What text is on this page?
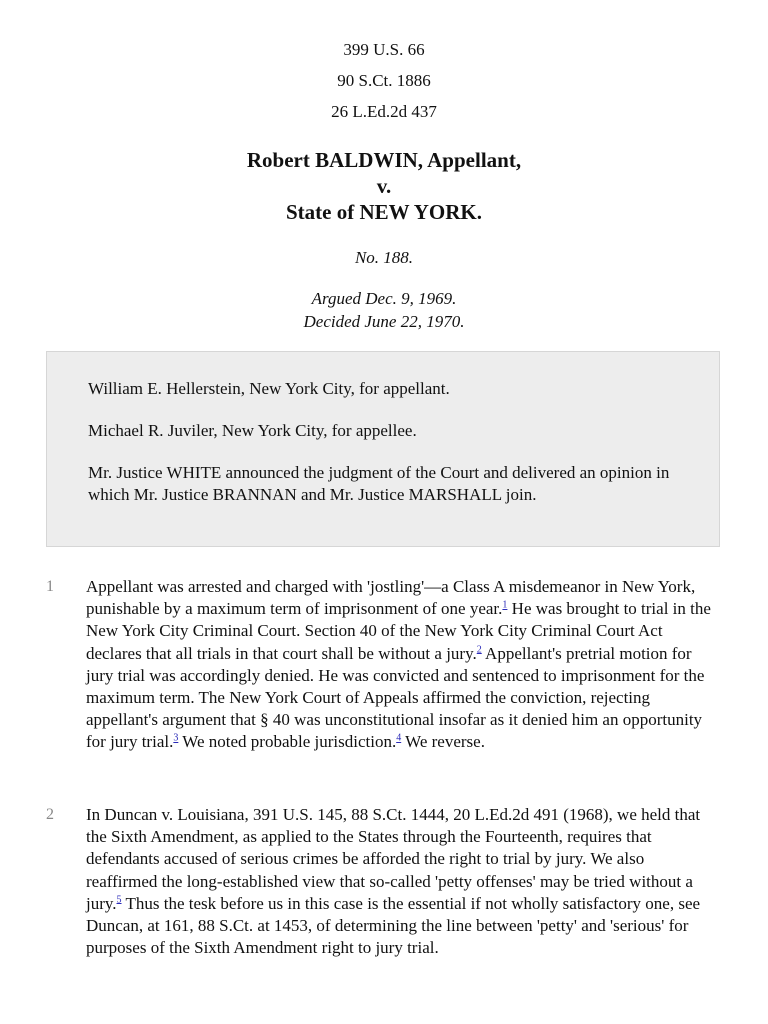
399 U.S. 66
90 S.Ct. 1886
26 L.Ed.2d 437
Robert BALDWIN, Appellant,
v.
State of NEW YORK.
No. 188.
Argued Dec. 9, 1969.
Decided June 22, 1970.

William E. Hellerstein, New York City, for appellant.

Michael R. Juviler, New York City, for appellee.

Mr. Justice WHITE announced the judgment of the Court and delivered an opinion in which Mr. Justice BRANNAN and Mr. Justice MARSHALL join.

1	Appellant was arrested and charged with 'jostling'—a Class A misdemeanor in New York, punishable by a maximum term of imprisonment of one year.$^1$ He was brought to trial in the New York City Criminal Court. Section 40 of the New York City Criminal Court Act declares that all trials in that court shall be without a jury.$^2$ Appellant's pretrial motion for jury trial was accordingly denied. He was convicted and sentenced to imprisonment for the maximum term. The New York Court of Appeals affirmed the conviction, rejecting appellant's argument that § 40 was unconstitutional insofar as it denied him an opportunity for jury trial.$^3$ We noted probable jurisdiction.$^4$ We reverse.
2	In Duncan v. Louisiana, 391 U.S. 145, 88 S.Ct. 1444, 20 L.Ed.2d 491 (1968), we held that the Sixth Amendment, as applied to the States through the Fourteenth, requires that defendants accused of serious crimes be afforded the right to trial by jury. We also reaffirmed the long-established view that so-called 'petty offenses' may be tried without a jury.$^5$ Thus the tesk before us in this case is the essential if not wholly satisfactory one, see Duncan, at 161, 88 S.Ct. at 1453, of determining the line between 'petty' and 'serious' for purposes of the Sixth Amendment right to jury trial.
